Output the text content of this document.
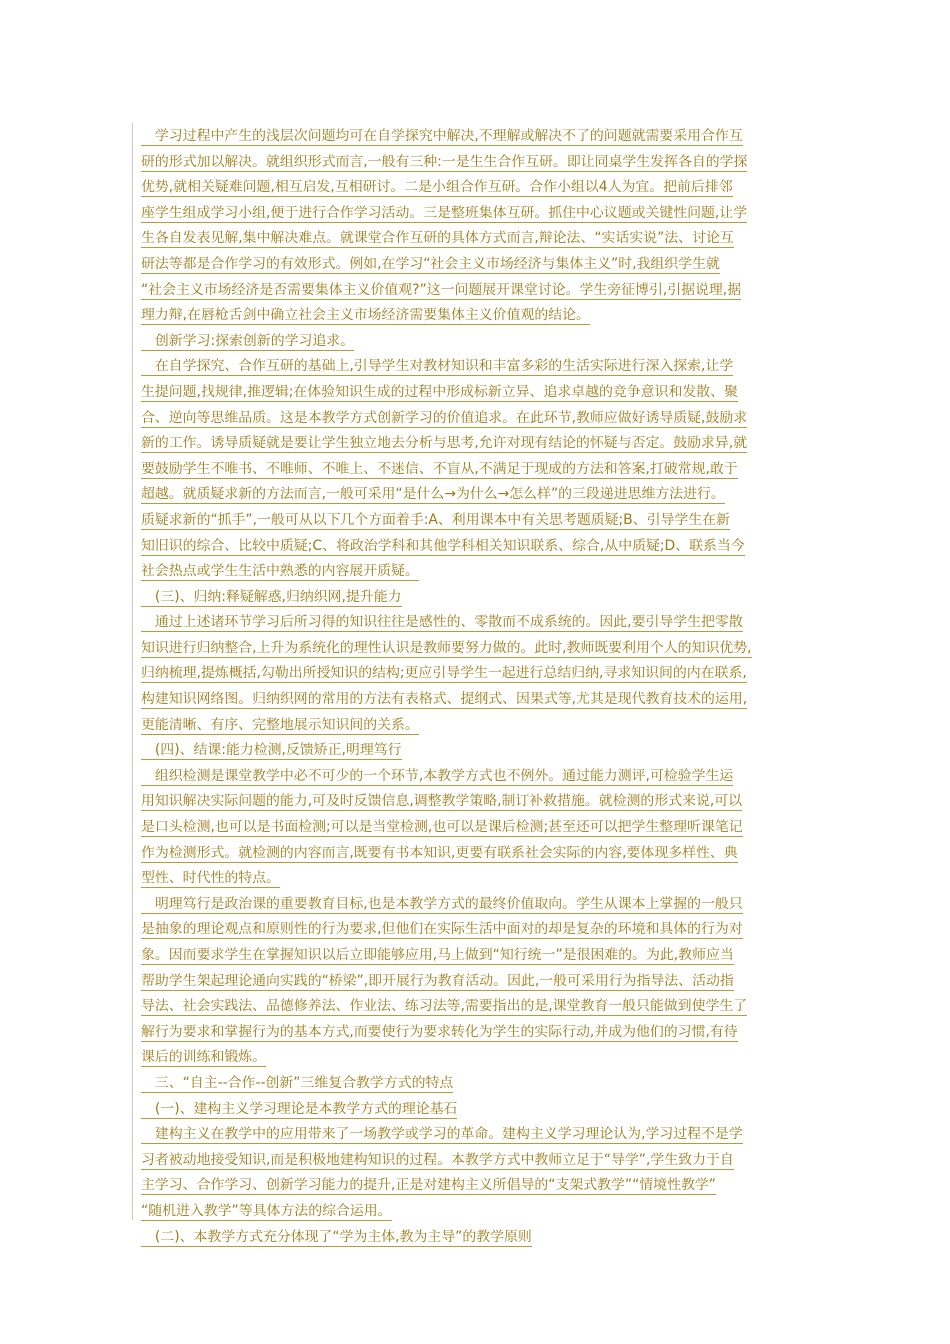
　学习过程中产生的浅层次问题均可在自学探究中解决,不理解或解决不了的问题就需要采用合作互
研的形式加以解决。就组织形式而言,一般有三种:一是生生合作互研。即让同桌学生发挥各自的学探
优势,就相关疑难问题,相互启发,互相研讨。二是小组合作互研。合作小组以4人为宜。把前后排邻
座学生组成学习小组,便于进行合作学习活动。三是整班集体互研。抓住中心议题或关键性问题,让学
生各自发表见解,集中解决难点。就课堂合作互研的具体方式而言,辩论法、“实话实说”法、讨论互
研法等都是合作学习的有效形式。例如,在学习“社会主义市场经济与集体主义”时,我组织学生就
“社会主义市场经济是否需要集体主义价值观?”这一问题展开课堂讨论。学生旁征博引,引据说理,据
理力辩,在唇枪舌剑中确立社会主义市场经济需要集体主义价值观的结论。
　创新学习:探索创新的学习追求。
　在自学探究、合作互研的基础上,引导学生对教材知识和丰富多彩的生活实际进行深入探索,让学
生提问题,找规律,推逻辑;在体验知识生成的过程中形成标新立异、追求卓越的竞争意识和发散、聚
合、逆向等思维品质。这是本教学方式创新学习的价值追求。在此环节,教师应做好诱导质疑,鼓励求
新的工作。诱导质疑就是要让学生独立地去分析与思考,允许对现有结论的怀疑与否定。鼓励求异,就
要鼓励学生不唯书、不唯师、不唯上、不迷信、不盲从,不满足于现成的方法和答案,打破常规,敢于
超越。就质疑求新的方法而言,一般可采用“是什么→为什么→怎么样”的三段递进思维方法进行。
质疑求新的“抓手”,一般可从以下几个方面着手:A、利用课本中有关思考题质疑;B、引导学生在新
知旧识的综合、比较中质疑;C、将政治学科和其他学科相关知识联系、综合,从中质疑;D、联系当今
社会热点或学生生活中熟悉的内容展开质疑。
　(三)、归纳:释疑解惑,归纳织网,提升能力
　通过上述诸环节学习后所习得的知识往往是感性的、零散而不成系统的。因此,要引导学生把零散
知识进行归纳整合,上升为系统化的理性认识是教师要努力做的。此时,教师既要利用个人的知识优势,
归纳梳理,提炼概括,勾勒出所授知识的结构;更应引导学生一起进行总结归纳,寻求知识间的内在联系,
构建知识网络图。归纳织网的常用的方法有表格式、提纲式、因果式等,尤其是现代教育技术的运用,
更能清晰、有序、完整地展示知识间的关系。
　(四)、结课:能力检测,反馈矫正,明理笃行
　组织检测是课堂教学中必不可少的一个环节,本教学方式也不例外。通过能力测评,可检验学生运
用知识解决实际问题的能力,可及时反馈信息,调整教学策略,制订补救措施。就检测的形式来说,可以
是口头检测,也可以是书面检测;可以是当堂检测,也可以是课后检测;甚至还可以把学生整理听课笔记
作为检测形式。就检测的内容而言,既要有书本知识,更要有联系社会实际的内容,要体现多样性、典
型性、时代性的特点。
　明理笃行是政治课的重要教育目标,也是本教学方式的最终价值取向。学生从课本上掌握的一般只
是抽象的理论观点和原则性的行为要求,但他们在实际生活中面对的却是复杂的环境和具体的行为对
象。因而要求学生在掌握知识以后立即能够应用,马上做到“知行统一”是很困难的。为此,教师应当
帮助学生架起理论通向实践的“桥梁”,即开展行为教育活动。因此,一般可采用行为指导法、活动指
导法、社会实践法、品德修养法、作业法、练习法等,需要指出的是,课堂教育一般只能做到使学生了
解行为要求和掌握行为的基本方式,而要使行为要求转化为学生的实际行动,并成为他们的习惯,有待
课后的训练和锻炼。
　三、“自主--合作--创新”三维复合教学方式的特点
　(一)、建构主义学习理论是本教学方式的理论基石
　建构主义在教学中的应用带来了一场教学或学习的革命。建构主义学习理论认为,学习过程不是学
习者被动地接受知识,而是积极地建构知识的过程。本教学方式中教师立足于“导学”,学生致力于自
主学习、合作学习、创新学习能力的提升,正是对建构主义所倡导的“支架式教学”“情境性教学”
“随机进入教学”等具体方法的综合运用。
　(二)、本教学方式充分体现了“学为主体,教为主导”的教学原则
